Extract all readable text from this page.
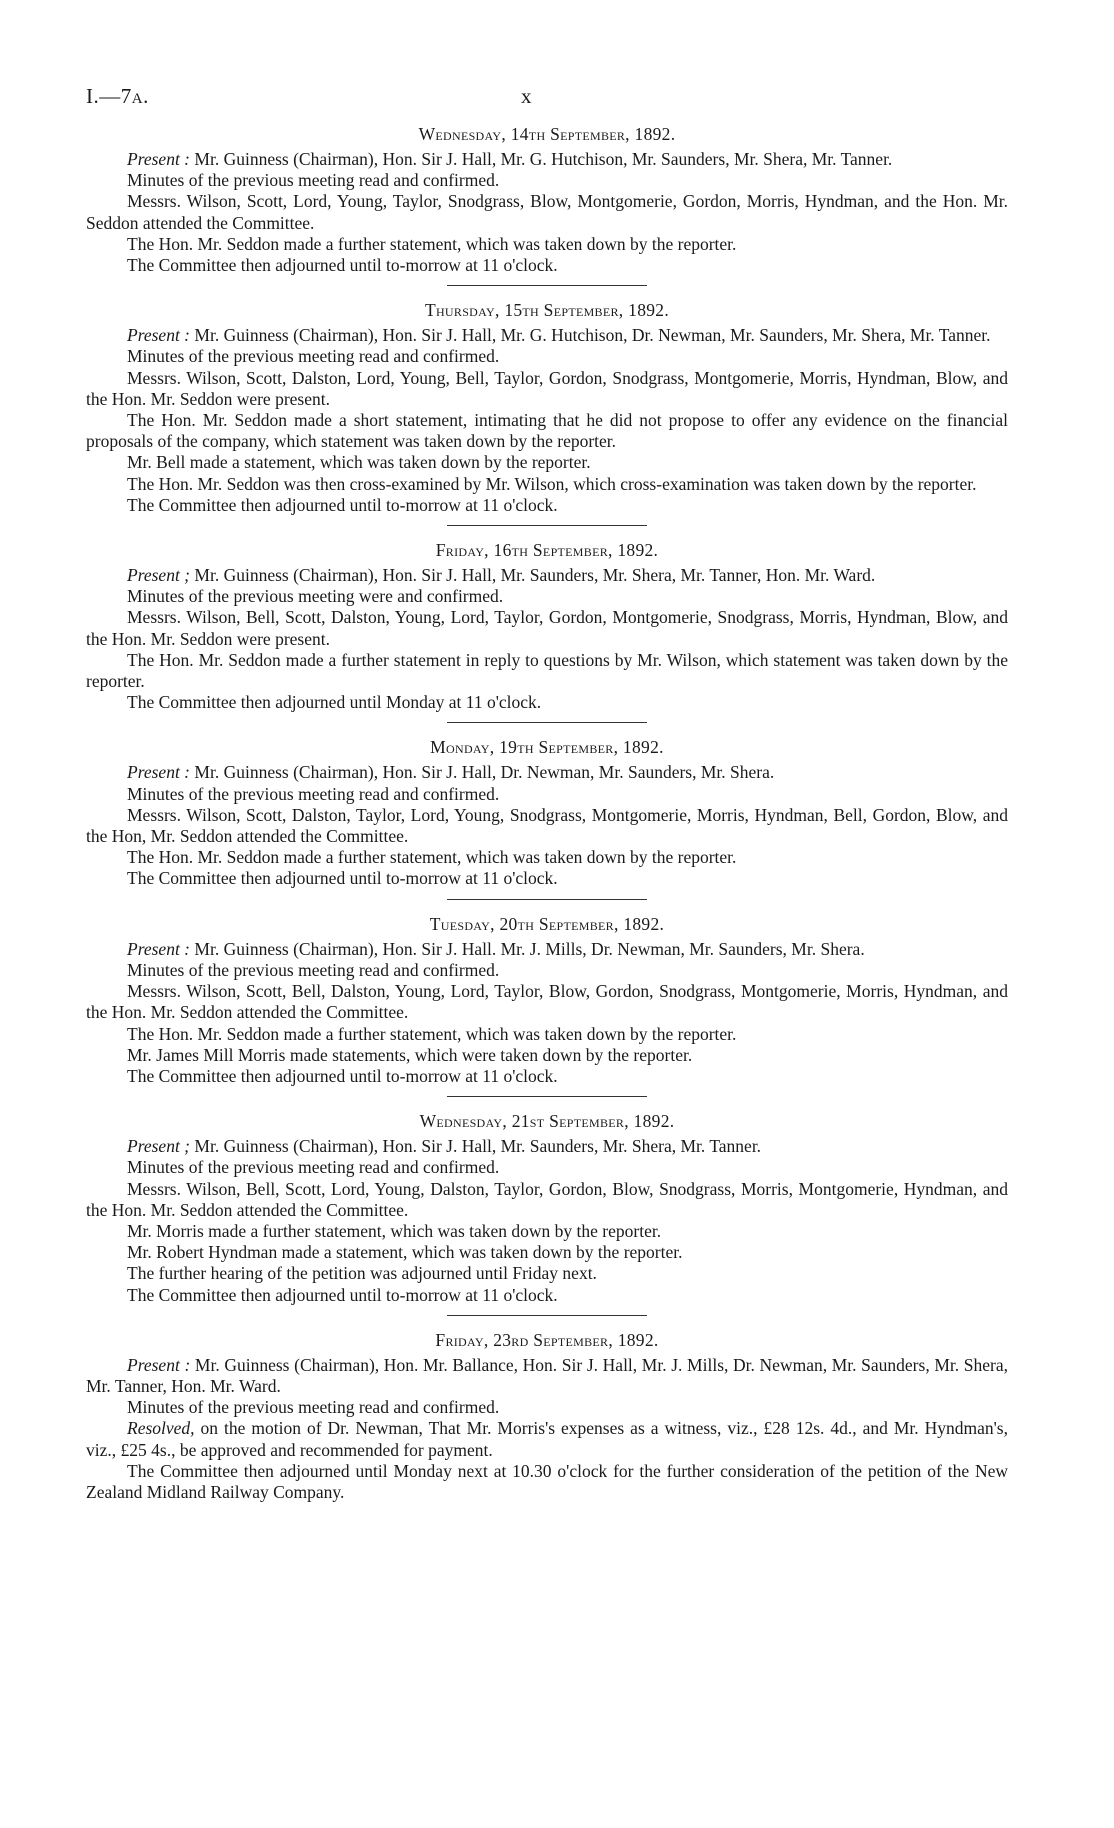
I.—7a.	x
Wednesday, 14th September, 1892.

Present : Mr. Guinness (Chairman), Hon. Sir J. Hall, Mr. G. Hutchison, Mr. Saunders, Mr. Shera, Mr. Tanner.

Minutes of the previous meeting read and confirmed.

Messrs. Wilson, Scott, Lord, Young, Taylor, Snodgrass, Blow, Montgomerie, Gordon, Morris, Hyndman, and the Hon. Mr. Seddon attended the Committee.

The Hon. Mr. Seddon made a further statement, which was taken down by the reporter.

The Committee then adjourned until to-morrow at 11 o'clock.

Thursday, 15th September, 1892.

Present : Mr. Guinness (Chairman), Hon. Sir J. Hall, Mr. G. Hutchison, Dr. Newman, Mr. Saunders, Mr. Shera, Mr. Tanner.

Minutes of the previous meeting read and confirmed.

Messrs. Wilson, Scott, Dalston, Lord, Young, Bell, Taylor, Gordon, Snodgrass, Montgomerie, Morris, Hyndman, Blow, and the Hon. Mr. Seddon were present.

The Hon. Mr. Seddon made a short statement, intimating that he did not propose to offer any evidence on the financial proposals of the company, which statement was taken down by the reporter.

Mr. Bell made a statement, which was taken down by the reporter.

The Hon. Mr. Seddon was then cross-examined by Mr. Wilson, which cross-examination was taken down by the reporter.

The Committee then adjourned until to-morrow at 11 o'clock.

Friday, 16th September, 1892.

Present ; Mr. Guinness (Chairman), Hon. Sir J. Hall, Mr. Saunders, Mr. Shera, Mr. Tanner, Hon. Mr. Ward.

Minutes of the previous meeting were and confirmed.

Messrs. Wilson, Bell, Scott, Dalston, Young, Lord, Taylor, Gordon, Montgomerie, Snodgrass, Morris, Hyndman, Blow, and the Hon. Mr. Seddon were present.

The Hon. Mr. Seddon made a further statement in reply to questions by Mr. Wilson, which statement was taken down by the reporter.

The Committee then adjourned until Monday at 11 o'clock.

Monday, 19th September, 1892.

Present : Mr. Guinness (Chairman), Hon. Sir J. Hall, Dr. Newman, Mr. Saunders, Mr. Shera.

Minutes of the previous meeting read and confirmed.

Messrs. Wilson, Scott, Dalston, Taylor, Lord, Young, Snodgrass, Montgomerie, Morris, Hyndman, Bell, Gordon, Blow, and the Hon, Mr. Seddon attended the Committee.

The Hon. Mr. Seddon made a further statement, which was taken down by the reporter.

The Committee then adjourned until to-morrow at 11 o'clock.

Tuesday, 20th September, 1892.

Present : Mr. Guinness (Chairman), Hon. Sir J. Hall. Mr. J. Mills, Dr. Newman, Mr. Saunders, Mr. Shera.

Minutes of the previous meeting read and confirmed.

Messrs. Wilson, Scott, Bell, Dalston, Young, Lord, Taylor, Blow, Gordon, Snodgrass, Montgomerie, Morris, Hyndman, and the Hon. Mr. Seddon attended the Committee.

The Hon. Mr. Seddon made a further statement, which was taken down by the reporter.

Mr. James Mill Morris made statements, which were taken down by the reporter.

The Committee then adjourned until to-morrow at 11 o'clock.

Wednesday, 21st September, 1892.

Present ; Mr. Guinness (Chairman), Hon. Sir J. Hall, Mr. Saunders, Mr. Shera, Mr. Tanner.

Minutes of the previous meeting read and confirmed.

Messrs. Wilson, Bell, Scott, Lord, Young, Dalston, Taylor, Gordon, Blow, Snodgrass, Morris, Montgomerie, Hyndman, and the Hon. Mr. Seddon attended the Committee.

Mr. Morris made a further statement, which was taken down by the reporter.

Mr. Robert Hyndman made a statement, which was taken down by the reporter.

The further hearing of the petition was adjourned until Friday next.

The Committee then adjourned until to-morrow at 11 o'clock.

Friday, 23rd September, 1892.

Present : Mr. Guinness (Chairman), Hon. Mr. Ballance, Hon. Sir J. Hall, Mr. J. Mills, Dr. Newman, Mr. Saunders, Mr. Shera, Mr. Tanner, Hon. Mr. Ward.

Minutes of the previous meeting read and confirmed.

Resolved, on the motion of Dr. Newman, That Mr. Morris's expenses as a witness, viz., £28 12s. 4d., and Mr. Hyndman's, viz., £25 4s., be approved and recommended for payment.

The Committee then adjourned until Monday next at 10.30 o'clock for the further consideration of the petition of the New Zealand Midland Railway Company.
